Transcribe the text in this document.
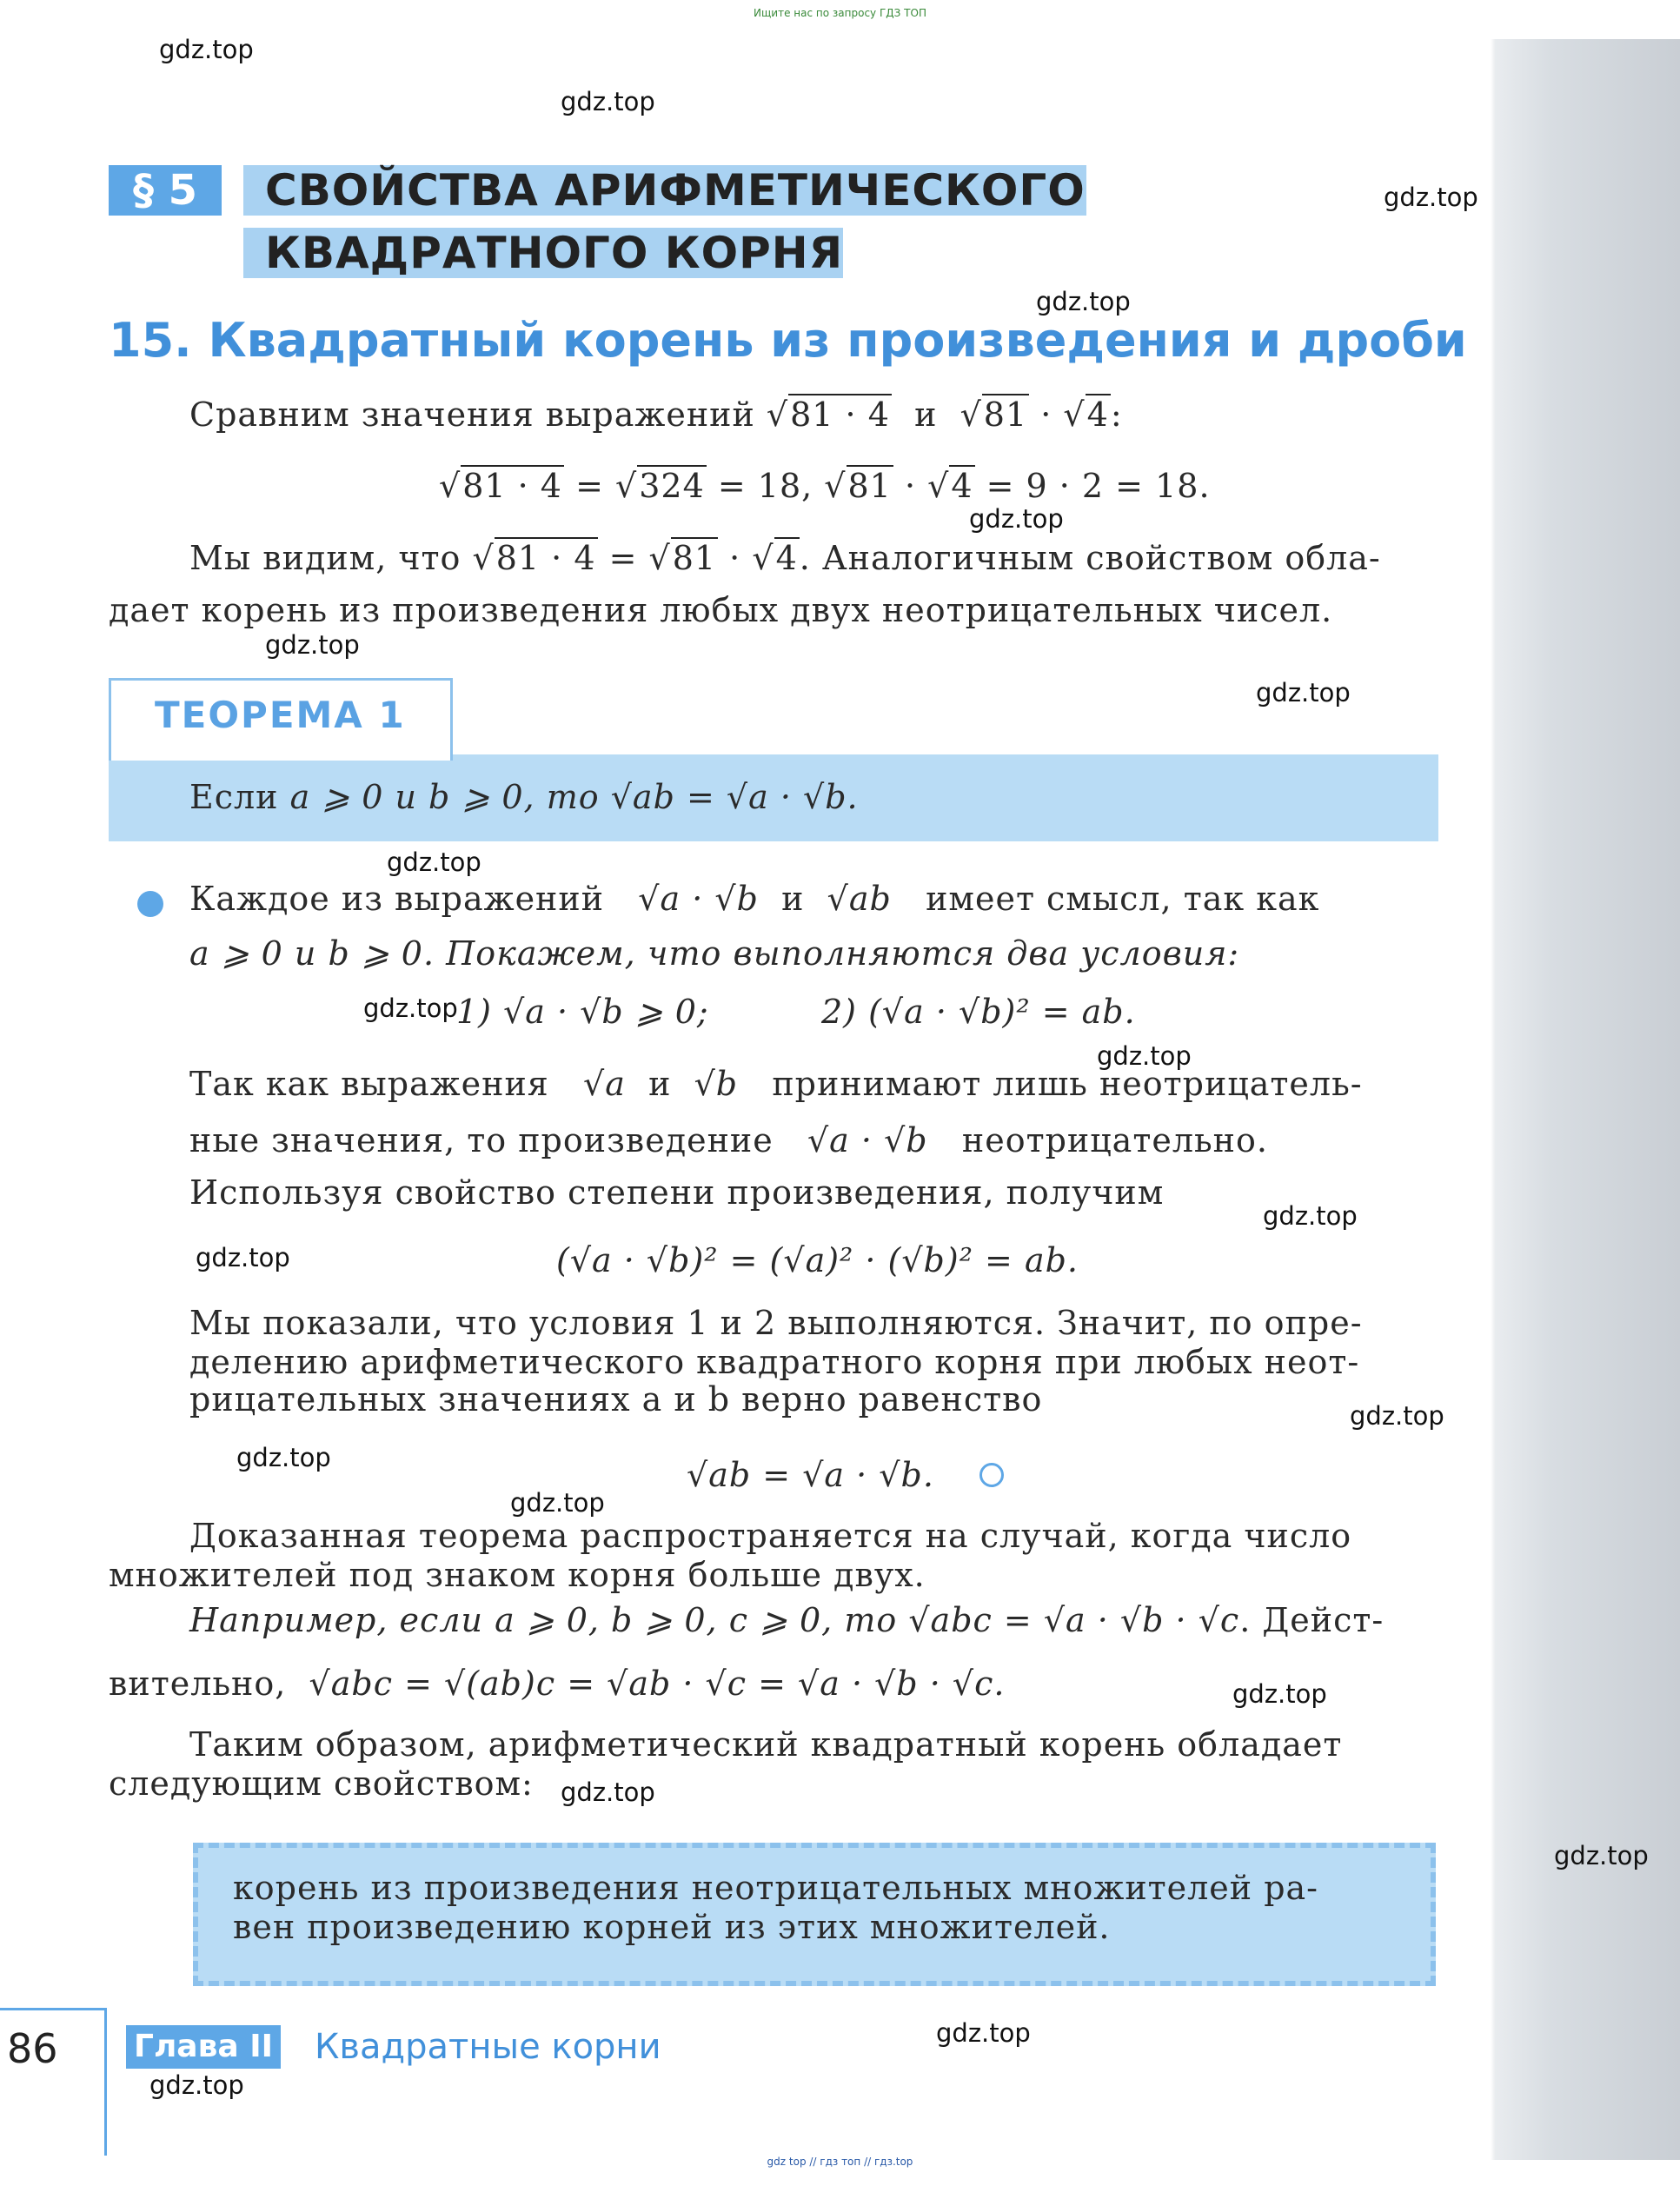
Ищите нас по запросу ГДЗ ТОП
gdz.top
gdz.top
gdz.top
gdz.top
gdz.top
gdz.top
gdz.top
gdz.top
gdz.top
gdz.top
gdz.top
gdz.top
gdz.top
gdz.top
gdz.top
gdz.top
gdz.top
gdz.top
gdz.top
gdz.top
§ 5	СВОЙСТВА АРИФМЕТИЧЕСКОГО
КВАДРАТНОГО КОРНЯ
15. Квадратный корень из произведения и дроби
Сравним значения выражений √81 · 4 и √81 · √4:
√81 · 4 = √324 = 18, √81 · √4 = 9 · 2 = 18.
Мы видим, что √81 · 4 = √81 · √4. Аналогичным свойством обла-
дает корень из произведения любых двух неотрицательных чисел.
ТЕОРЕМА 1
Если a ⩾ 0 и b ⩾ 0, то √ab = √a · √b.
Каждое из выражений √a · √b и √ab имеет смысл, так как
a ⩾ 0 и b ⩾ 0. Покажем, что выполняются два условия:
1) √a · √b ⩾ 0;	2) (√a · √b)² = ab.
Так как выражения √a и √b принимают лишь неотрицатель-
ные значения, то произведение √a · √b неотрицательно.
Используя свойство степени произведения, получим
(√a · √b)² = (√a)² · (√b)² = ab.
Мы показали, что условия 1 и 2 выполняются. Значит, по опре-
делению арифметического квадратного корня при любых неот-
рицательных значениях a и b верно равенство
√ab = √a · √b.
Доказанная теорема распространяется на случай, когда число
множителей под знаком корня больше двух.
Например, если a ⩾ 0, b ⩾ 0, c ⩾ 0, то √abc = √a · √b · √c. Дейст-
вительно, √abc = √(ab)c = √ab · √c = √a · √b · √c.
Таким образом, арифметический квадратный корень обладает
следующим свойством:
корень из произведения неотрицательных множителей ра-
вен произведению корней из этих множителей.
86 Глава II Квадратные корни
gdz top // гдз топ // гдз.top
